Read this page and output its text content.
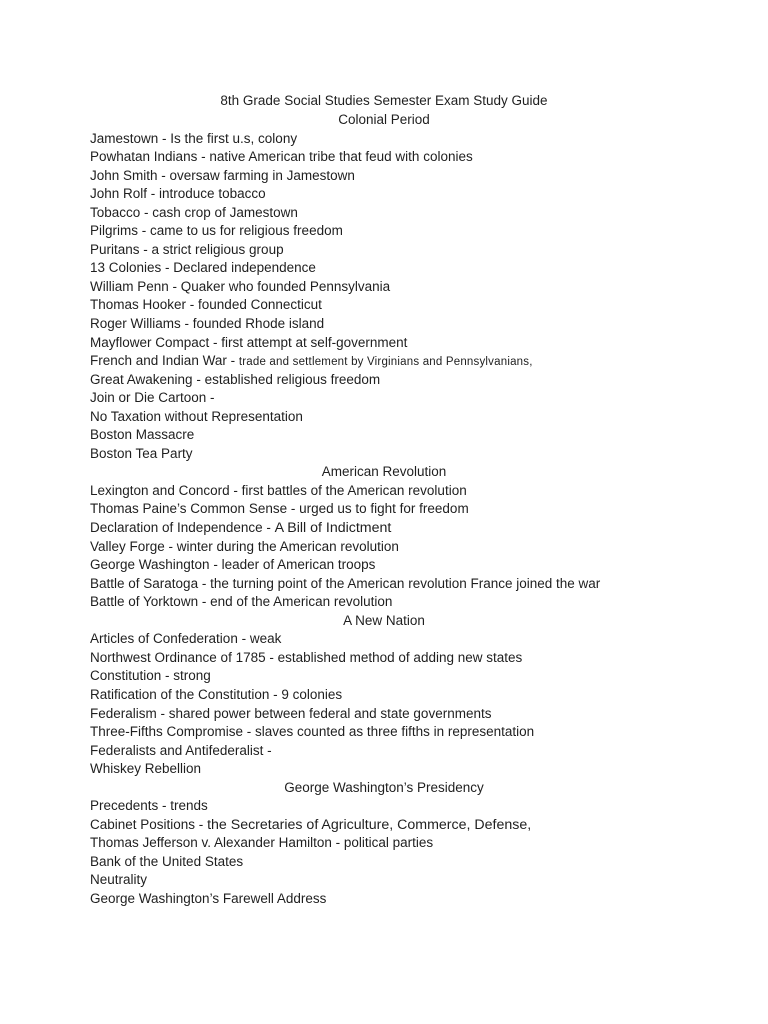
8th Grade Social Studies Semester Exam Study Guide
Colonial Period
Jamestown - Is the first u.s, colony
Powhatan Indians - native American tribe that feud with colonies
John Smith - oversaw farming in Jamestown
John Rolf - introduce tobacco
Tobacco - cash crop of Jamestown
Pilgrims - came to us for religious freedom
Puritans - a strict religious group
13 Colonies - Declared independence
William Penn - Quaker who founded Pennsylvania
Thomas Hooker - founded Connecticut
Roger Williams - founded Rhode island
Mayflower Compact - first attempt at self-government
French and Indian War - trade and settlement by Virginians and Pennsylvanians,
Great Awakening - established religious freedom
Join or Die Cartoon -
No Taxation without Representation
Boston Massacre
Boston Tea Party
American Revolution
Lexington and Concord - first battles of the American revolution
Thomas Paine’s Common Sense - urged us to fight for freedom
Declaration of Independence - A Bill of Indictment
Valley Forge - winter during the American revolution
George Washington - leader of American troops
Battle of Saratoga - the turning point of the American revolution France joined the war
Battle of Yorktown - end of the American revolution
A New Nation
Articles of Confederation - weak
Northwest Ordinance of 1785 - established method of adding new states
Constitution - strong
Ratification of the Constitution - 9 colonies
Federalism - shared power between federal and state governments
Three-Fifths Compromise - slaves counted as three fifths in representation
Federalists and Antifederalist -
Whiskey Rebellion
George Washington’s Presidency
Precedents - trends
Cabinet Positions - the Secretaries of Agriculture, Commerce, Defense,
Thomas Jefferson v. Alexander Hamilton - political parties
Bank of the United States
Neutrality
George Washington’s Farewell Address
